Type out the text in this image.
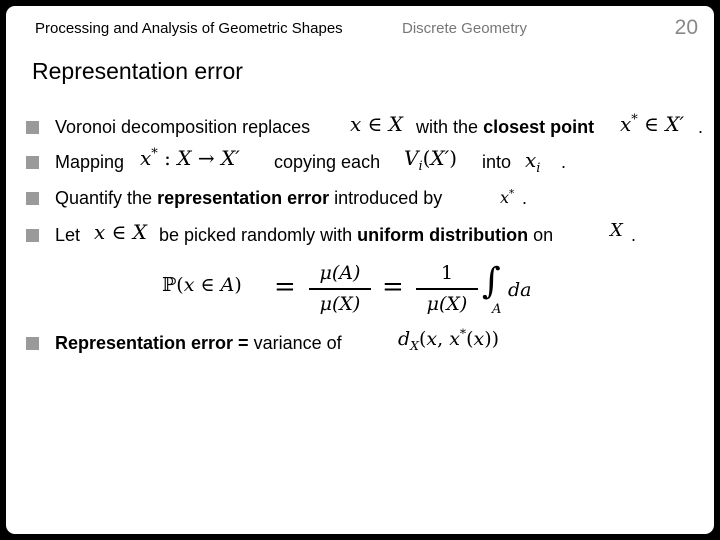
Processing and Analysis of Geometric Shapes	Discrete Geometry	20
Representation error
Voronoi decomposition replaces x ∈ X with the closest point x* ∈ X′ .
Mapping x* : X → X′ copying each $V_i(X')$ into $x_i$ .
Quantify the representation error introduced by	x* .
Let x ∈ X be picked randomly with uniform distribution on	X .
ℙ(x ∈ A) =	μ(A)
μ(X)
=	1
μ(X)
∫
A
da
Representation error = variance of	$d_X(x$, x*(x))
